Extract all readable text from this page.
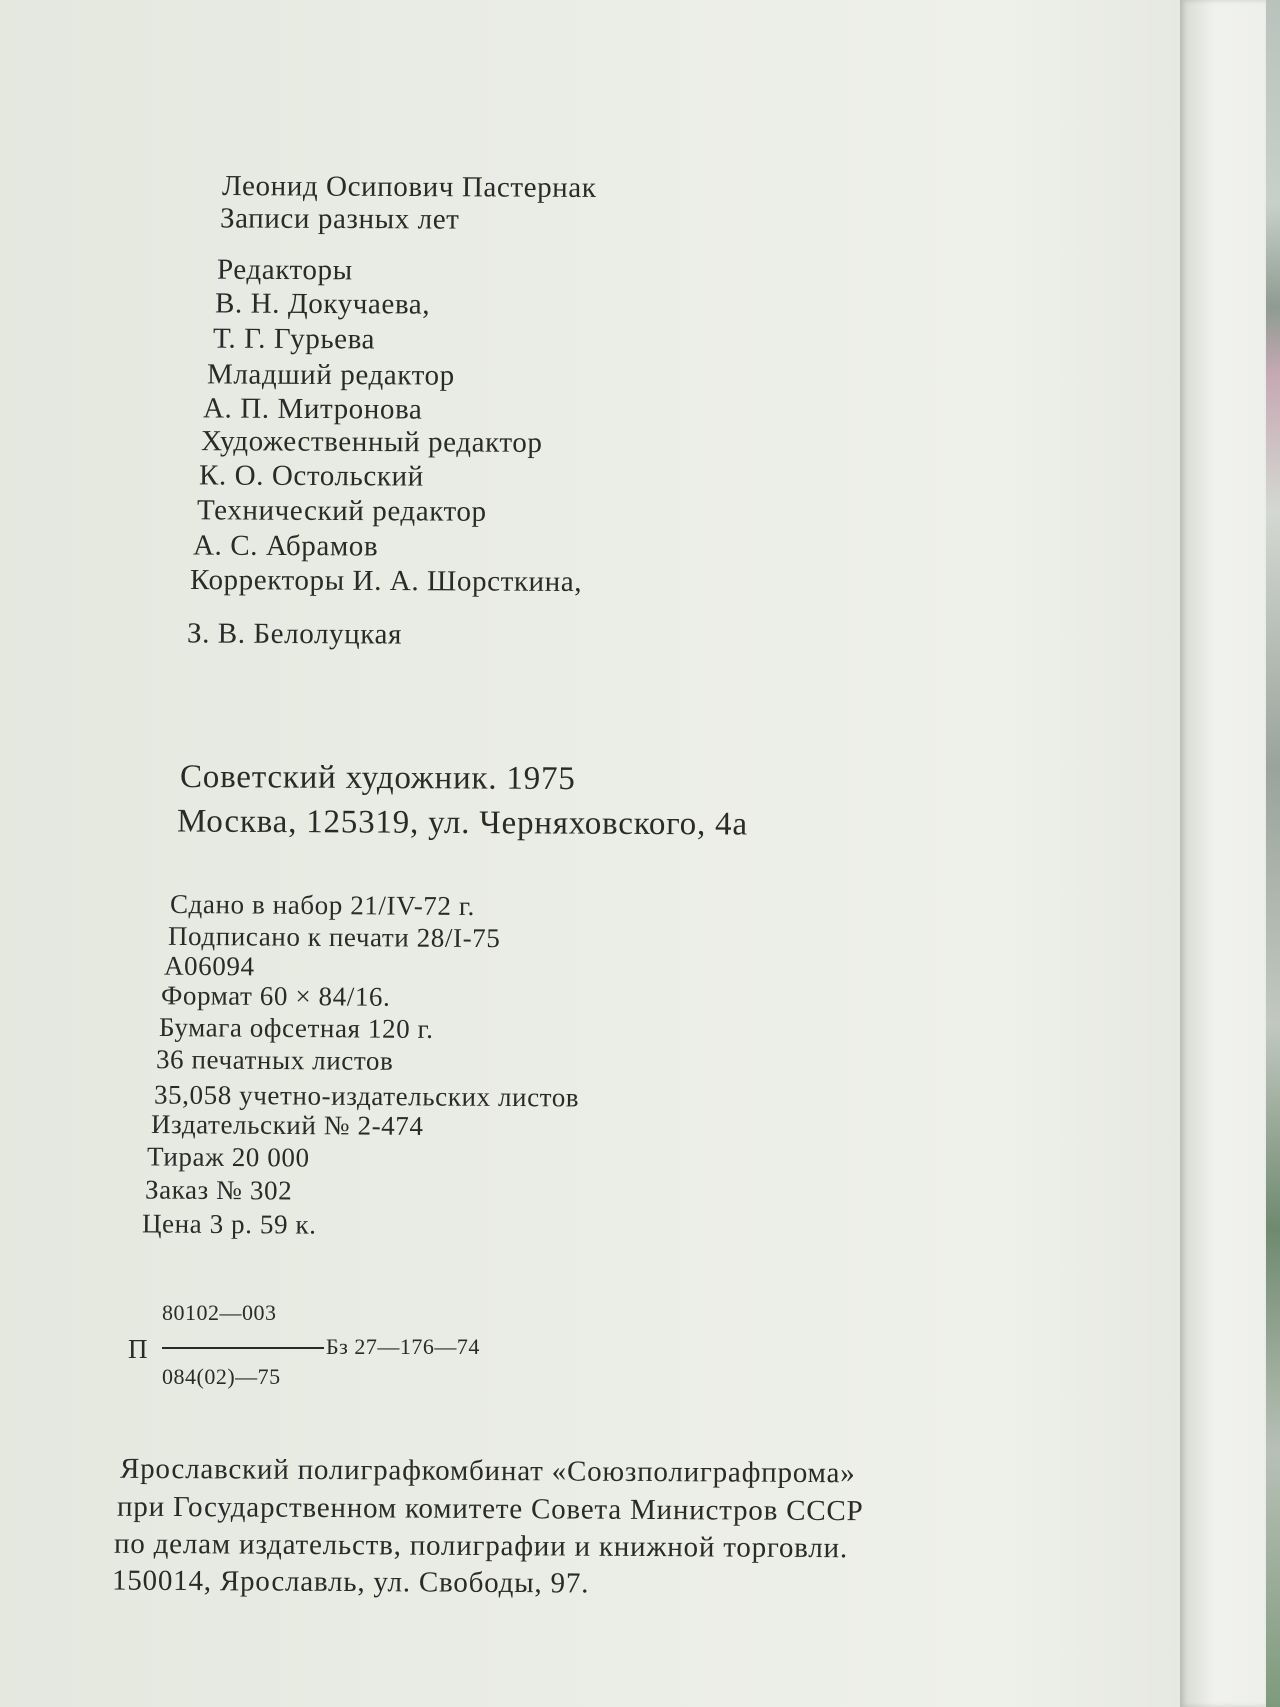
Леонид Осипович Пастернак

Записи разных лет

Редакторы

В. Н. Докучаева,

Т. Г. Гурьева

Младший редактор

А. П. Митронова

Художественный редактор

К. О. Остольский

Технический редактор

А. С. Абрамов

Корректоры И. А. Шорсткина,

З. В. Белолуцкая

Советский художник. 1975

Москва, 125319, ул. Черняховского, 4а

Сдано в набор 21/IV-72 г.

Подписано к печати 28/I-75

А06094

Формат 60 × 84/16.

Бумага офсетная 120 г.

36 печатных листов

35,058 учетно-издательских листов

Издательский № 2-474

Тираж 20 000

Заказ № 302

Цена 3 р. 59 к.

80102—003
П	Бз 27—176—74
084(02)—75

Ярославский полиграфкомбинат «Союзполиграфпрома»

при Государственном комитете Совета Министров СССР

по делам издательств, полиграфии и книжной торговли.

150014, Ярославль, ул. Свободы, 97.
